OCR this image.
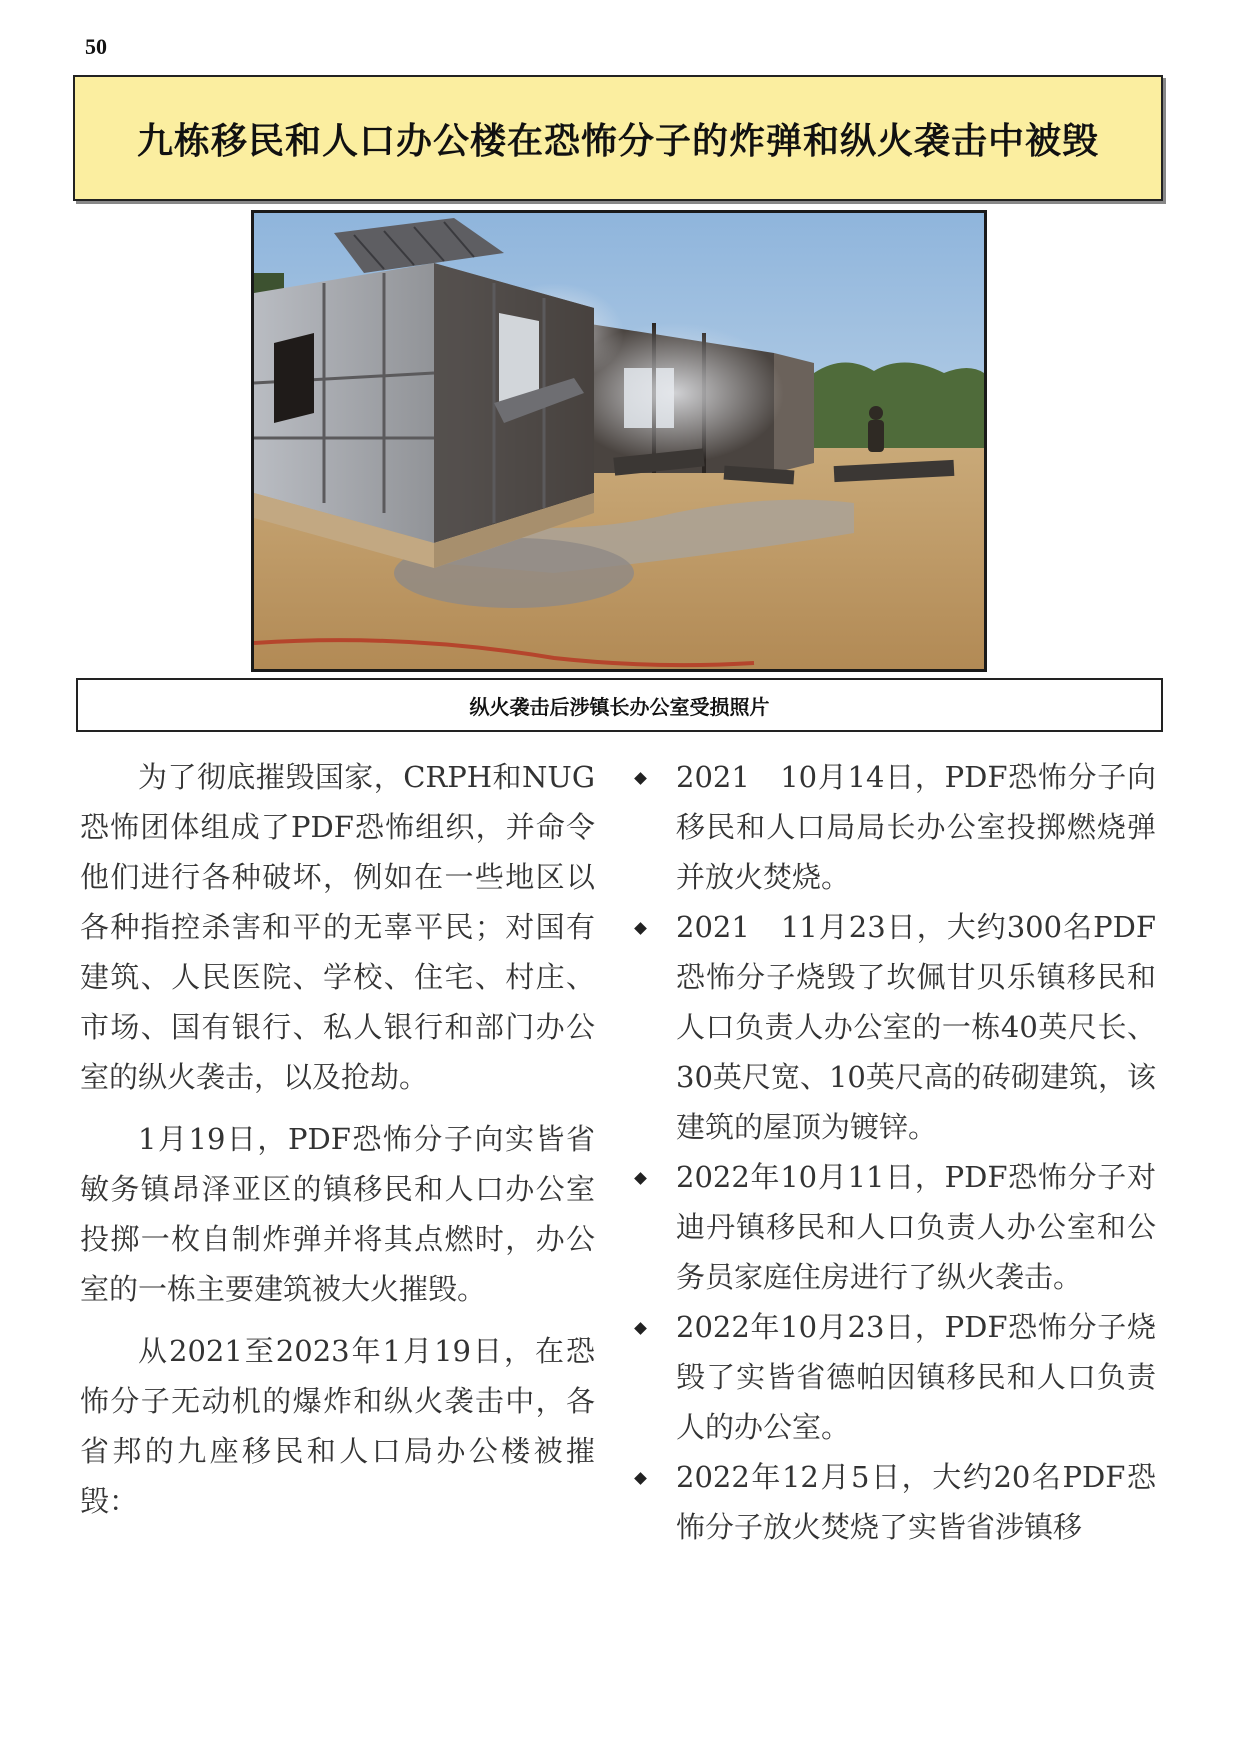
50
九栋移民和人口办公楼在恐怖分子的炸弹和纵火袭击中被毁
纵火袭击后涉镇长办公室受损照片

为了彻底摧毁国家，CRPH和NUG恐怖团体组成了PDF恐怖组织，并命令他们进行各种破坏，例如在一些地区以各种指控杀害和平的无辜平民；对国有建筑、人民医院、学校、住宅、村庄、市场、国有银行、私人银行和部门办公室的纵火袭击，以及抢劫。

1月19日，PDF恐怖分子向实皆省敏务镇昂泽亚区的镇移民和人口办公室投掷一枚自制炸弹并将其点燃时，办公室的一栋主要建筑被大火摧毁。

从2021至2023年1月19日，在恐怖分子无动机的爆炸和纵火袭击中，各省邦的九座移民和人口局办公楼被摧毁：

2021　10月14日，PDF恐怖分子向移民和人口局局长办公室投掷燃烧弹并放火焚烧。
2021　11月23日，大约300名PDF恐怖分子烧毁了坎佩甘贝乐镇移民和人口负责人办公室的一栋40英尺长、30英尺宽、10英尺高的砖砌建筑，该建筑的屋顶为镀锌。
2022年10月11日，PDF恐怖分子对迪丹镇移民和人口负责人办公室和公务员家庭住房进行了纵火袭击。
2022年10月23日，PDF恐怖分子烧毁了实皆省德帕因镇移民和人口负责人的办公室。
2022年12月5日，大约20名PDF恐怖分子放火焚烧了实皆省涉镇移
